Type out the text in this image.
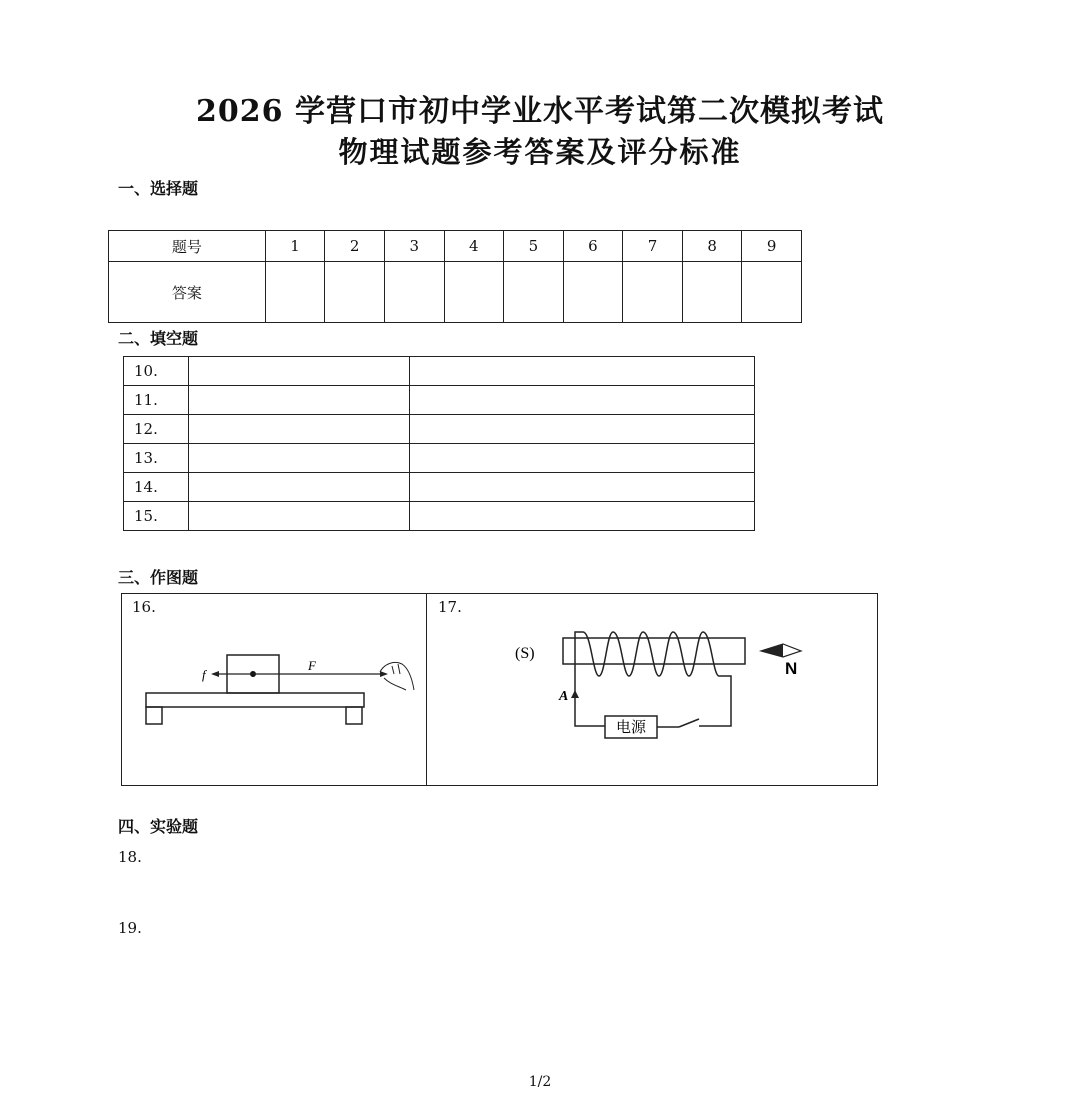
2026 学营口市初中学业水平考试第二次模拟考试
物理试题参考答案及评分标准
一、选择题
题号	1	2	3	4	5	6	7	8	9
答案									
二、填空题
10.		
11.		
12.		
13.		
14.		
15.		
三、作图题
16.
f
F
17.
(S)
A
电源
N
四、实验题
18.
19.
1/2
